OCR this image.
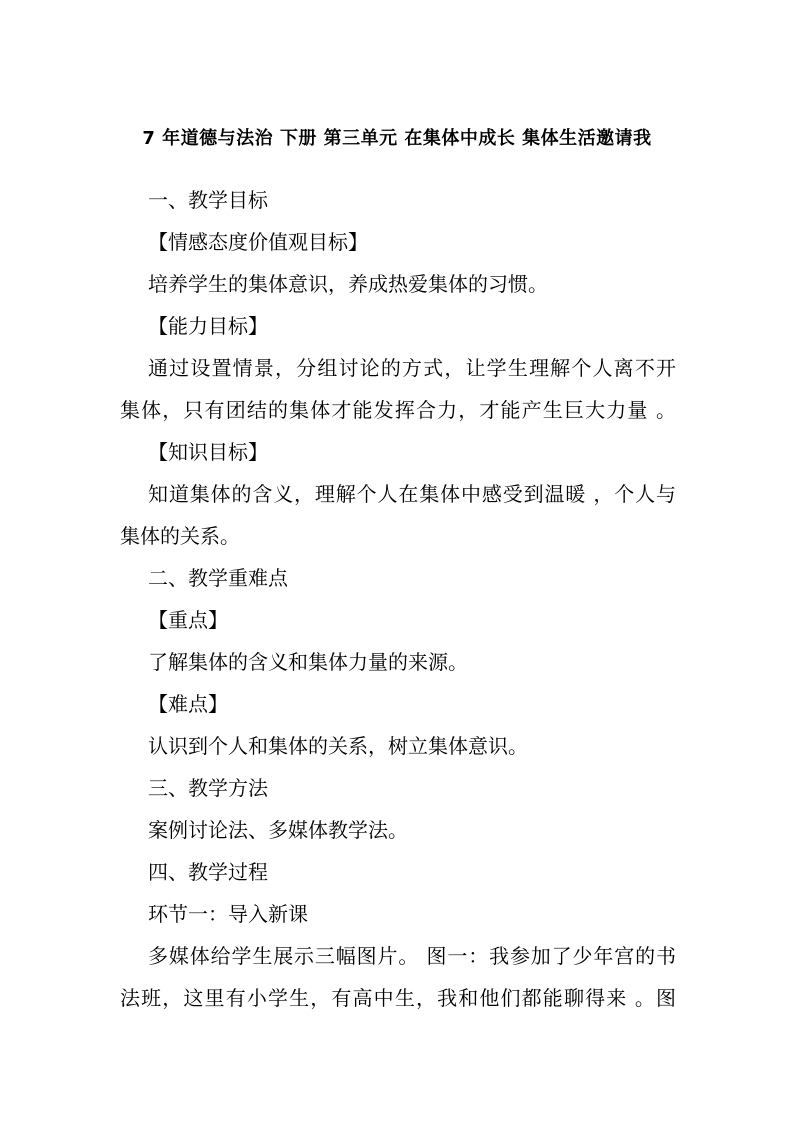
7 年道德与法治 下册 第三单元 在集体中成长 集体生活邀请我
一、教学目标
【情感态度价值观目标】
培养学生的集体意识，养成热爱集体的习惯。
【能力目标】
通过设置情景，分组讨论的方式，让学生理解个人离不开
集体，只有团结的集体才能发挥合力，才能产生巨大力量 。
【知识目标】
知道集体的含义，理解个人在集体中感受到温暖 ，个人与
集体的关系。
二、教学重难点
【重点】
了解集体的含义和集体力量的来源。
【难点】
认识到个人和集体的关系，树立集体意识。
三、教学方法
案例讨论法、多媒体教学法。
四、教学过程
环节一：导入新课
多媒体给学生展示三幅图片。 图一：我参加了少年宫的书
法班，这里有小学生，有高中生，我和他们都能聊得来 。图
